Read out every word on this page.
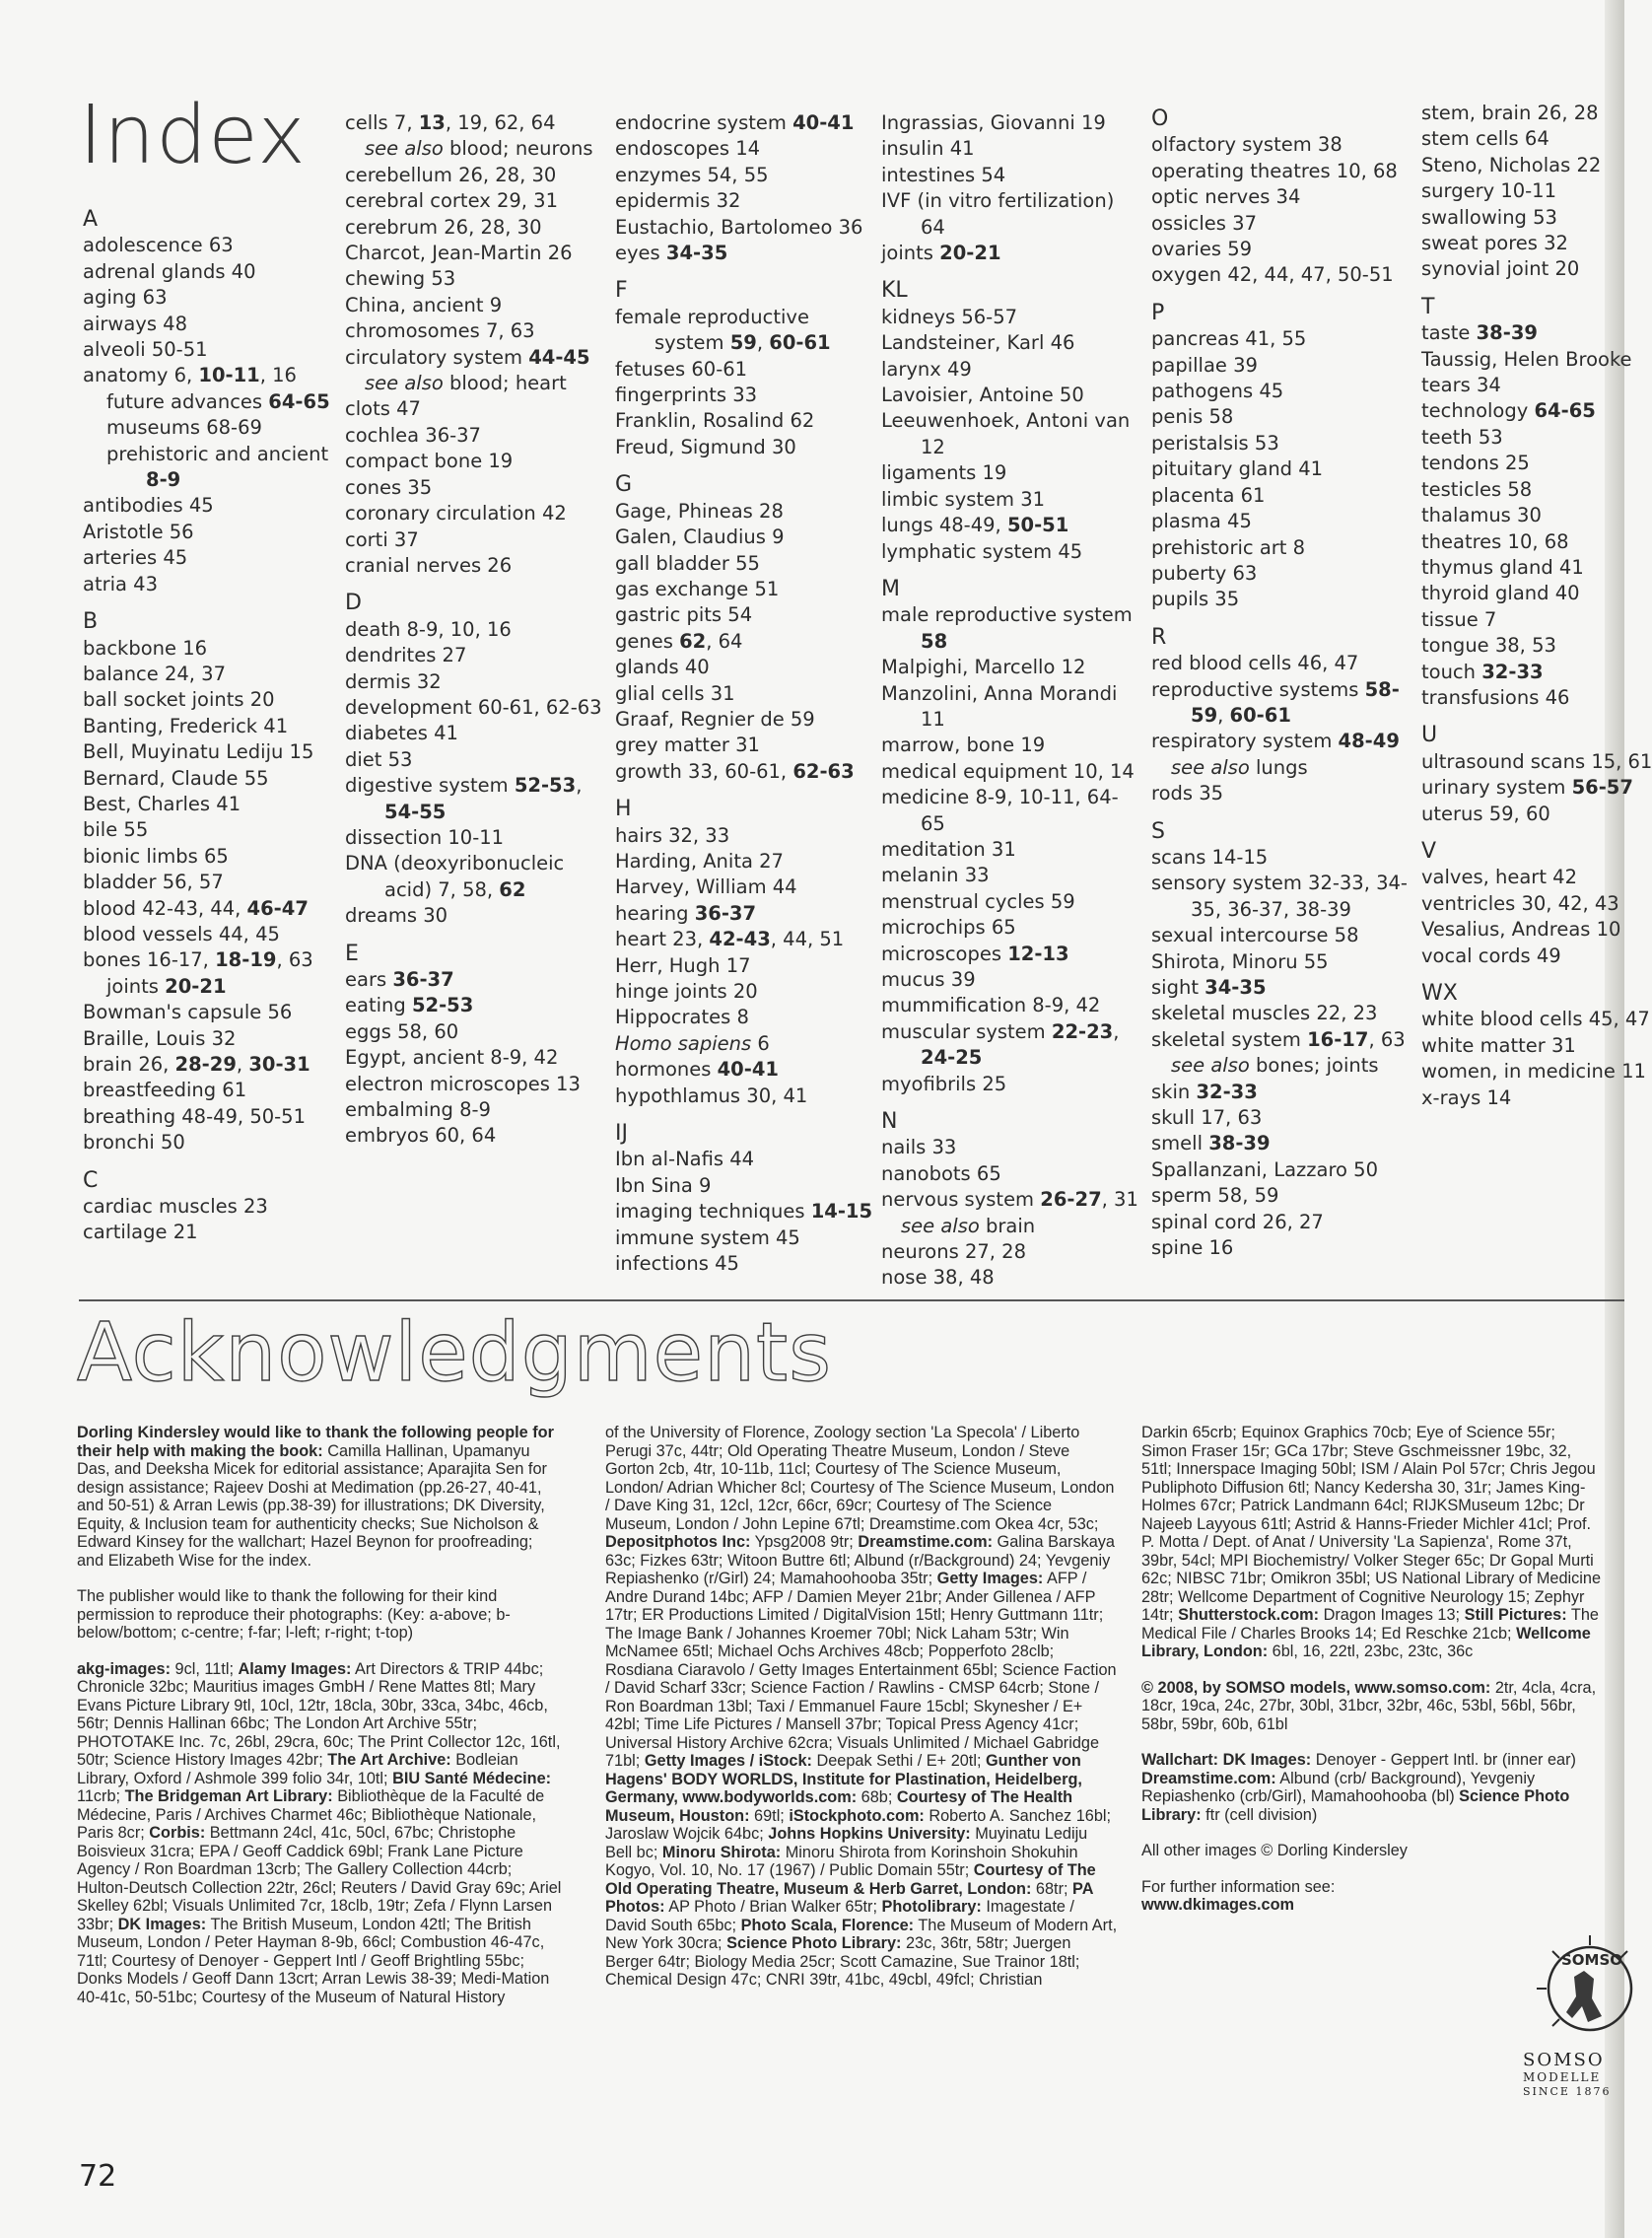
Index
A
adolescence 63
adrenal glands 40
aging 63
airways 48
alveoli 50-51
anatomy 6, 10-11, 16
future advances 64-65
museums 68-69
prehistoric and ancient 8-9
antibodies 45
Aristotle 56
arteries 45
atria 43
B
backbone 16
balance 24, 37
ball socket joints 20
Banting, Frederick 41
Bell, Muyinatu Lediju 15
Bernard, Claude 55
Best, Charles 41
bile 55
bionic limbs 65
bladder 56, 57
blood 42-43, 44, 46-47
blood vessels 44, 45
bones 16-17, 18-19, 63
joints 20-21
Bowman's capsule 56
Braille, Louis 32
brain 26, 28-29, 30-31
breastfeeding 61
breathing 48-49, 50-51
bronchi 50
C
cardiac muscles 23
cartilage 21
cells 7, 13, 19, 62, 64
see also blood; neurons
cerebellum 26, 28, 30
cerebral cortex 29, 31
cerebrum 26, 28, 30
Charcot, Jean-Martin 26
chewing 53
China, ancient 9
chromosomes 7, 63
circulatory system 44-45
see also blood; heart
clots 47
cochlea 36-37
compact bone 19
cones 35
coronary circulation 42
corti 37
cranial nerves 26
D
death 8-9, 10, 16
dendrites 27
dermis 32
development 60-61, 62-63
diabetes 41
diet 53
digestive system 52-53, 54-55
dissection 10-11
DNA (deoxyribonucleic acid) 7, 58, 62
dreams 30
E
ears 36-37
eating 52-53
eggs 58, 60
Egypt, ancient 8-9, 42
electron microscopes 13
embalming 8-9
embryos 60, 64
endocrine system 40-41
endoscopes 14
enzymes 54, 55
epidermis 32
Eustachio, Bartolomeo 36
eyes 34-35
F
female reproductive system 59, 60-61
fetuses 60-61
fingerprints 33
Franklin, Rosalind 62
Freud, Sigmund 30
G
Gage, Phineas 28
Galen, Claudius 9
gall bladder 55
gas exchange 51
gastric pits 54
genes 62, 64
glands 40
glial cells 31
Graaf, Regnier de 59
grey matter 31
growth 33, 60-61, 62-63
H
hairs 32, 33
Harding, Anita 27
Harvey, William 44
hearing 36-37
heart 23, 42-43, 44, 51
Herr, Hugh 17
hinge joints 20
Hippocrates 8
Homo sapiens 6
hormones 40-41
hypothlamus 30, 41
IJ
Ibn al-Nafis 44
Ibn Sina 9
imaging techniques 14-15
immune system 45
infections 45
Ingrassias, Giovanni 19
insulin 41
intestines 54
IVF (in vitro fertilization) 64
joints 20-21
KL
kidneys 56-57
Landsteiner, Karl 46
larynx 49
Lavoisier, Antoine 50
Leeuwenhoek, Antoni van 12
ligaments 19
limbic system 31
lungs 48-49, 50-51
lymphatic system 45
M
male reproductive system 58
Malpighi, Marcello 12
Manzolini, Anna Morandi 11
marrow, bone 19
medical equipment 10, 14
medicine 8-9, 10-11, 64-65
meditation 31
melanin 33
menstrual cycles 59
microchips 65
microscopes 12-13
mucus 39
mummification 8-9, 42
muscular system 22-23, 24-25
myofibrils 25
N
nails 33
nanobots 65
nervous system 26-27, 31
see also brain
neurons 27, 28
nose 38, 48
O
olfactory system 38
operating theatres 10, 68
optic nerves 34
ossicles 37
ovaries 59
oxygen 42, 44, 47, 50-51
P
pancreas 41, 55
papillae 39
pathogens 45
penis 58
peristalsis 53
pituitary gland 41
placenta 61
plasma 45
prehistoric art 8
puberty 63
pupils 35
R
red blood cells 46, 47
reproductive systems 58-59, 60-61
respiratory system 48-49
see also lungs
rods 35
S
scans 14-15
sensory system 32-33, 34-35, 36-37, 38-39
sexual intercourse 58
Shirota, Minoru 55
sight 34-35
skeletal muscles 22, 23
skeletal system 16-17, 63
see also bones; joints
skin 32-33
skull 17, 63
smell 38-39
Spallanzani, Lazzaro 50
sperm 58, 59
spinal cord 26, 27
spine 16
stem, brain 26, 28
stem cells 64
Steno, Nicholas 22
surgery 10-11
swallowing 53
sweat pores 32
synovial joint 20
T
taste 38-39
Taussig, Helen Brooke
tears 34
technology 64-65
teeth 53
tendons 25
testicles 58
thalamus 30
theatres 10, 68
thymus gland 41
thyroid gland 40
tissue 7
tongue 38, 53
touch 32-33
transfusions 46
U
ultrasound scans 15, 61
urinary system 56-57
uterus 59, 60
V
valves, heart 42
ventricles 30, 42, 43
Vesalius, Andreas 10
vocal cords 49
WX
white blood cells 45, 47
white matter 31
women, in medicine 11
x-rays 14
Acknowledgments

Dorling Kindersley would like to thank the following people for their help with making the book: Camilla Hallinan, Upamanyu Das, and Deeksha Micek for editorial assistance; Aparajita Sen for design assistance; Rajeev Doshi at Medimation (pp.26-27, 40-41, and 50-51) & Arran Lewis (pp.38-39) for illustrations; DK Diversity, Equity, & Inclusion team for authenticity checks; Sue Nicholson & Edward Kinsey for the wallchart; Hazel Beynon for proofreading; and Elizabeth Wise for the index.

The publisher would like to thank the following for their kind permission to reproduce their photographs: (Key: a-above; b-below/bottom; c-centre; f-far; l-left; r-right; t-top)

akg-images: 9cl, 11tl; Alamy Images: Art Directors & TRIP 44bc; Chronicle 32bc; Mauritius images GmbH / Rene Mattes 8tl; Mary Evans Picture Library 9tl, 10cl, 12tr, 18cla, 30br, 33ca, 34bc, 46cb, 56tr; Dennis Hallinan 66bc; The London Art Archive 55tr; PHOTOTAKE Inc. 7c, 26bl, 29cra, 60c; The Print Collector 12c, 16tl, 50tr; Science History Images 42br; The Art Archive: Bodleian Library, Oxford / Ashmole 399 folio 34r, 10tl; BIU Santé Médecine: 11crb; The Bridgeman Art Library: Bibliothèque de la Faculté de Médecine, Paris / Archives Charmet 46c; Bibliothèque Nationale, Paris 8cr; Corbis: Bettmann 24cl, 41c, 50cl, 67bc; Christophe Boisvieux 31cra; EPA / Geoff Caddick 69bl; Frank Lane Picture Agency / Ron Boardman 13crb; The Gallery Collection 44crb; Hulton-Deutsch Collection 22tr, 26cl; Reuters / David Gray 69c; Ariel Skelley 62bl; Visuals Unlimited 7cr, 18clb, 19tr; Zefa / Flynn Larsen 33br; DK Images: The British Museum, London 42tl; The British Museum, London / Peter Hayman 8-9b, 66cl; Combustion 46-47c, 71tl; Courtesy of Denoyer - Geppert Intl / Geoff Brightling 55bc; Donks Models / Geoff Dann 13crt; Arran Lewis 38-39; Medi-Mation 40-41c, 50-51bc; Courtesy of the Museum of Natural History

of the University of Florence, Zoology section 'La Specola' / Liberto Perugi 37c, 44tr; Old Operating Theatre Museum, London / Steve Gorton 2cb, 4tr, 10-11b, 11cl; Courtesy of The Science Museum, London/ Adrian Whicher 8cl; Courtesy of The Science Museum, London / Dave King 31, 12cl, 12cr, 66cr, 69cr; Courtesy of The Science Museum, London / John Lepine 67tl; Dreamstime.com Okea 4cr, 53c; Depositphotos Inc: Ypsg2008 9tr; Dreamstime.com: Galina Barskaya 63c; Fizkes 63tr; Witoon Buttre 6tl; Albund (r/Background) 24; Yevgeniy Repiashenko (r/Girl) 24; Mamahoohooba 35tr; Getty Images: AFP / Andre Durand 14bc; AFP / Damien Meyer 21br; Ander Gillenea / AFP 17tr; ER Productions Limited / DigitalVision 15tl; Henry Guttmann 11tr; The Image Bank / Johannes Kroemer 70bl; Nick Laham 53tr; Win McNamee 65tl; Michael Ochs Archives 48cb; Popperfoto 28clb; Rosdiana Ciaravolo / Getty Images Entertainment 65bl; Science Faction / David Scharf 33cr; Science Faction / Rawlins - CMSP 64crb; Stone / Ron Boardman 13bl; Taxi / Emmanuel Faure 15cbl; Skynesher / E+ 42bl; Time Life Pictures / Mansell 37br; Topical Press Agency 41cr; Universal History Archive 62cra; Visuals Unlimited / Michael Gabridge 71bl; Getty Images / iStock: Deepak Sethi / E+ 20tl; Gunther von Hagens' BODY WORLDS, Institute for Plastination, Heidelberg, Germany, www.bodyworlds.com: 68b; Courtesy of The Health Museum, Houston: 69tl; iStockphoto.com: Roberto A. Sanchez 16bl; Jaroslaw Wojcik 64bc; Johns Hopkins University: Muyinatu Lediju Bell bc; Minoru Shirota: Minoru Shirota from Korinshoin Shokuhin Kogyo, Vol. 10, No. 17 (1967) / Public Domain 55tr; Courtesy of The Old Operating Theatre, Museum & Herb Garret, London: 68tr; PA Photos: AP Photo / Brian Walker 65tr; Photolibrary: Imagestate / David South 65bc; Photo Scala, Florence: The Museum of Modern Art, New York 30cra; Science Photo Library: 23c, 36tr, 58tr; Juergen Berger 64tr; Biology Media 25cr; Scott Camazine, Sue Trainor 18tl; Chemical Design 47c; CNRI 39tr, 41bc, 49cbl, 49fcl; Christian

Darkin 65crb; Equinox Graphics 70cb; Eye of Science 55r; Simon Fraser 15r; GCa 17br; Steve Gschmeissner 19bc, 32, 51tl; Innerspace Imaging 50bl; ISM / Alain Pol 57cr; Chris Jegou Publiphoto Diffusion 6tl; Nancy Kedersha 30, 31r; James King-Holmes 67cr; Patrick Landmann 64cl; RIJKSMuseum 12bc; Dr Najeeb Layyous 61tl; Astrid & Hanns-Frieder Michler 41cl; Prof. P. Motta / Dept. of Anat / University 'La Sapienza', Rome 37t, 39br, 54cl; MPI Biochemistry/ Volker Steger 65c; Dr Gopal Murti 62c; NIBSC 71br; Omikron 35bl; US National Library of Medicine 28tr; Wellcome Department of Cognitive Neurology 15; Zephyr 14tr; Shutterstock.com: Dragon Images 13; Still Pictures: The Medical File / Charles Brooks 14; Ed Reschke 21cb; Wellcome Library, London: 6bl, 16, 22tl, 23bc, 23tc, 36c

© 2008, by SOMSO models, www.somso.com: 2tr, 4cla, 4cra, 18cr, 19ca, 24c, 27br, 30bl, 31bcr, 32br, 46c, 53bl, 56bl, 56br, 58br, 59br, 60b, 61bl

Wallchart: DK Images: Denoyer - Geppert Intl. br (inner ear) Dreamstime.com: Albund (crb/ Background), Yevgeniy Repiashenko (crb/Girl), Mamahoohooba (bl) Science Photo Library: ftr (cell division)

All other images © Dorling Kindersley

For further information see:

www.dkimages.com

SOMSO
SOMSO
MODELLE
SINCE 1876
72
